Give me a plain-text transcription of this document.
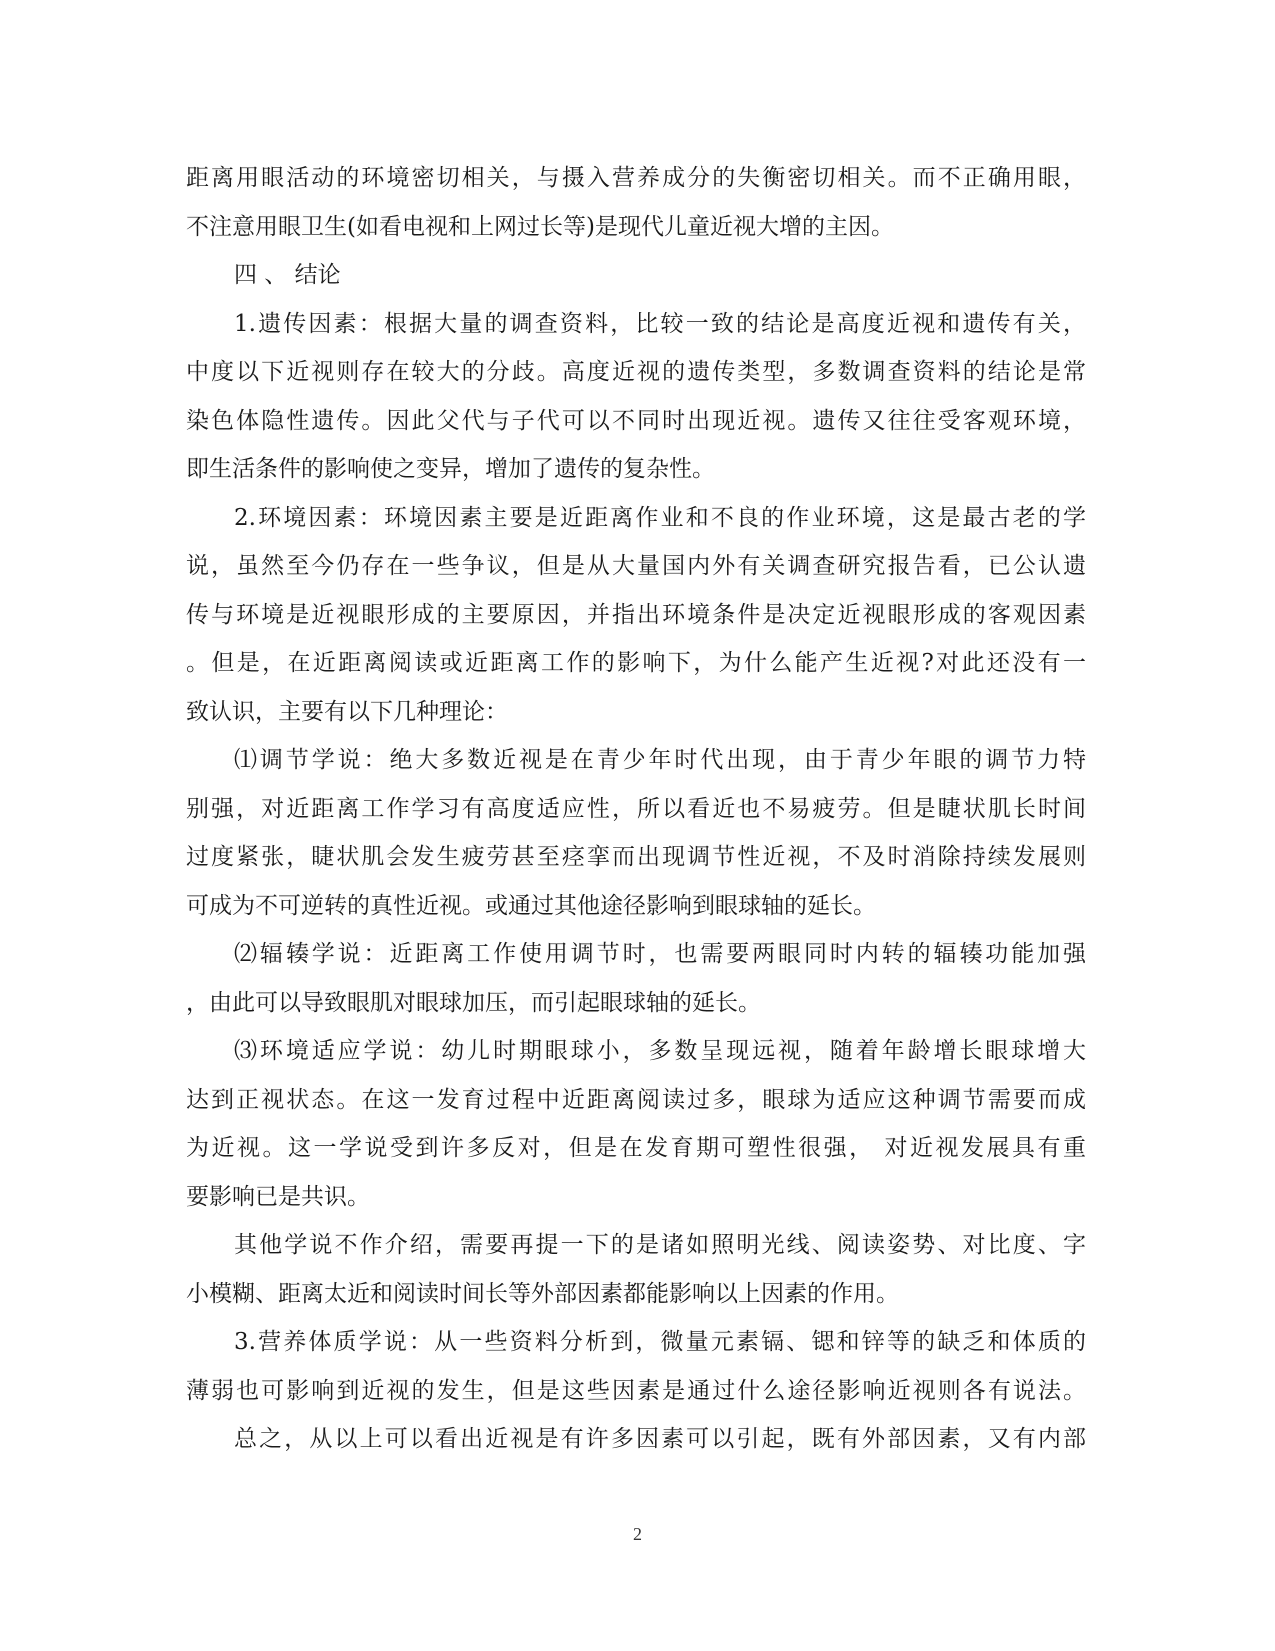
距离用眼活动的环境密切相关，与摄入营养成分的失衡密切相关。而不正确用眼，
不注意用眼卫生(如看电视和上网过长等)是现代儿童近视大增的主因。
四 、 结论
1.遗传因素：根据大量的调查资料，比较一致的结论是高度近视和遗传有关，
中度以下近视则存在较大的分歧。高度近视的遗传类型，多数调查资料的结论是常
染色体隐性遗传。因此父代与子代可以不同时出现近视。遗传又往往受客观环境，
即生活条件的影响使之变异，增加了遗传的复杂性。
2.环境因素：环境因素主要是近距离作业和不良的作业环境，这是最古老的学
说，虽然至今仍存在一些争议，但是从大量国内外有关调查研究报告看，已公认遗
传与环境是近视眼形成的主要原因，并指出环境条件是决定近视眼形成的客观因素
。但是，在近距离阅读或近距离工作的影响下，为什么能产生近视?对此还没有一
致认识，主要有以下几种理论：
⑴调节学说：绝大多数近视是在青少年时代出现，由于青少年眼的调节力特
别强，对近距离工作学习有高度适应性，所以看近也不易疲劳。但是睫状肌长时间
过度紧张，睫状肌会发生疲劳甚至痉挛而出现调节性近视，不及时消除持续发展则
可成为不可逆转的真性近视。或通过其他途径影响到眼球轴的延长。
⑵辐辏学说：近距离工作使用调节时，也需要两眼同时内转的辐辏功能加强
，由此可以导致眼肌对眼球加压，而引起眼球轴的延长。
⑶环境适应学说：幼儿时期眼球小，多数呈现远视，随着年龄增长眼球增大
达到正视状态。在这一发育过程中近距离阅读过多，眼球为适应这种调节需要而成
为近视。这一学说受到许多反对，但是在发育期可塑性很强， 对近视发展具有重
要影响已是共识。
其他学说不作介绍，需要再提一下的是诸如照明光线、阅读姿势、对比度、字
小模糊、距离太近和阅读时间长等外部因素都能影响以上因素的作用。
3.营养体质学说：从一些资料分析到，微量元素镉、锶和锌等的缺乏和体质的
薄弱也可影响到近视的发生，但是这些因素是通过什么途径影响近视则各有说法。
总之，从以上可以看出近视是有许多因素可以引起，既有外部因素，又有内部
2
